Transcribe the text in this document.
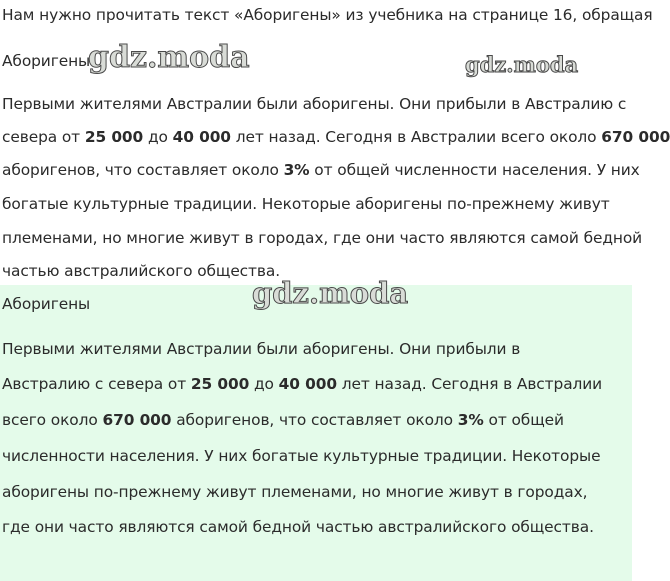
Нам нужно прочитать текст «Аборигены» из учебника на странице 16, обращая
Аборигены
Первыми жителями Австралии были аборигены. Они прибыли в Австралию с
севера от 25 000 до 40 000 лет назад. Сегодня в Австралии всего около 670 000
аборигенов, что составляет около 3% от общей численности населения. У них
богатые культурные традиции. Некоторые аборигены по-прежнему живут
племенами, но многие живут в городах, где они часто являются самой бедной
частью австралийского общества.
Аборигены
Первыми жителями Австралии были аборигены. Они прибыли в
Австралию с севера от 25 000 до 40 000 лет назад. Сегодня в Австралии
всего около 670 000 аборигенов, что составляет около 3% от общей
численности населения. У них богатые культурные традиции. Некоторые
аборигены по-прежнему живут племенами, но многие живут в городах,
где они часто являются самой бедной частью австралийского общества.
gdz.moda	gdz.moda
gdz.moda
